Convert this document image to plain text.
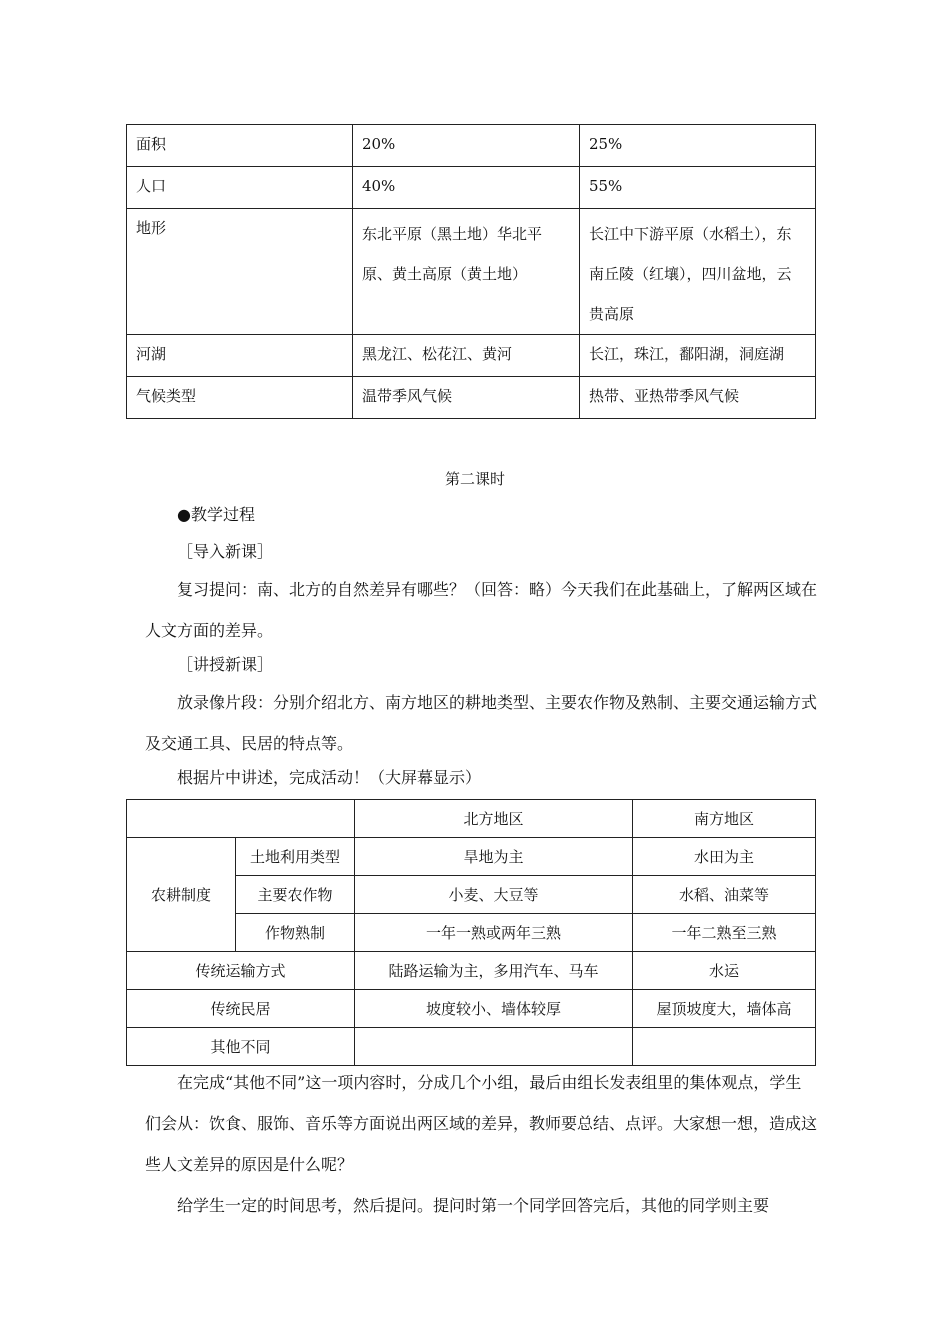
面积	20%	25%
人口	40%	55%
地形	东北平原（黑土地）华北平原、黄土高原（黄土地）	长江中下游平原（水稻土），东南丘陵（红壤），四川盆地，云贵高原
河湖	黑龙江、松花江、黄河	长江，珠江，鄱阳湖，洞庭湖
气候类型	温带季风气候	热带、亚热带季风气候
第二课时

●教学过程

［导入新课］

复习提问：南、北方的自然差异有哪些？（回答：略）今天我们在此基础上，了解两区域在人文方面的差异。

［讲授新课］

放录像片段：分别介绍北方、南方地区的耕地类型、主要农作物及熟制、主要交通运输方式及交通工具、民居的特点等。

根据片中讲述，完成活动！（大屏幕显示）

		北方地区	南方地区
农耕制度	土地利用类型	旱地为主	水田为主
	主要农作物	小麦、大豆等	水稻、油菜等
	作物熟制	一年一熟或两年三熟	一年二熟至三熟
传统运输方式		陆路运输为主，多用汽车、马车	水运
传统民居		坡度较小、墙体较厚	屋顶坡度大，墙体高
其他不同			

在完成“其他不同”这一项内容时，分成几个小组，最后由组长发表组里的集体观点，学生们会从：饮食、服饰、音乐等方面说出两区域的差异，教师要总结、点评。大家想一想，造成这些人文差异的原因是什么呢？

给学生一定的时间思考，然后提问。提问时第一个同学回答完后，其他的同学则主要
